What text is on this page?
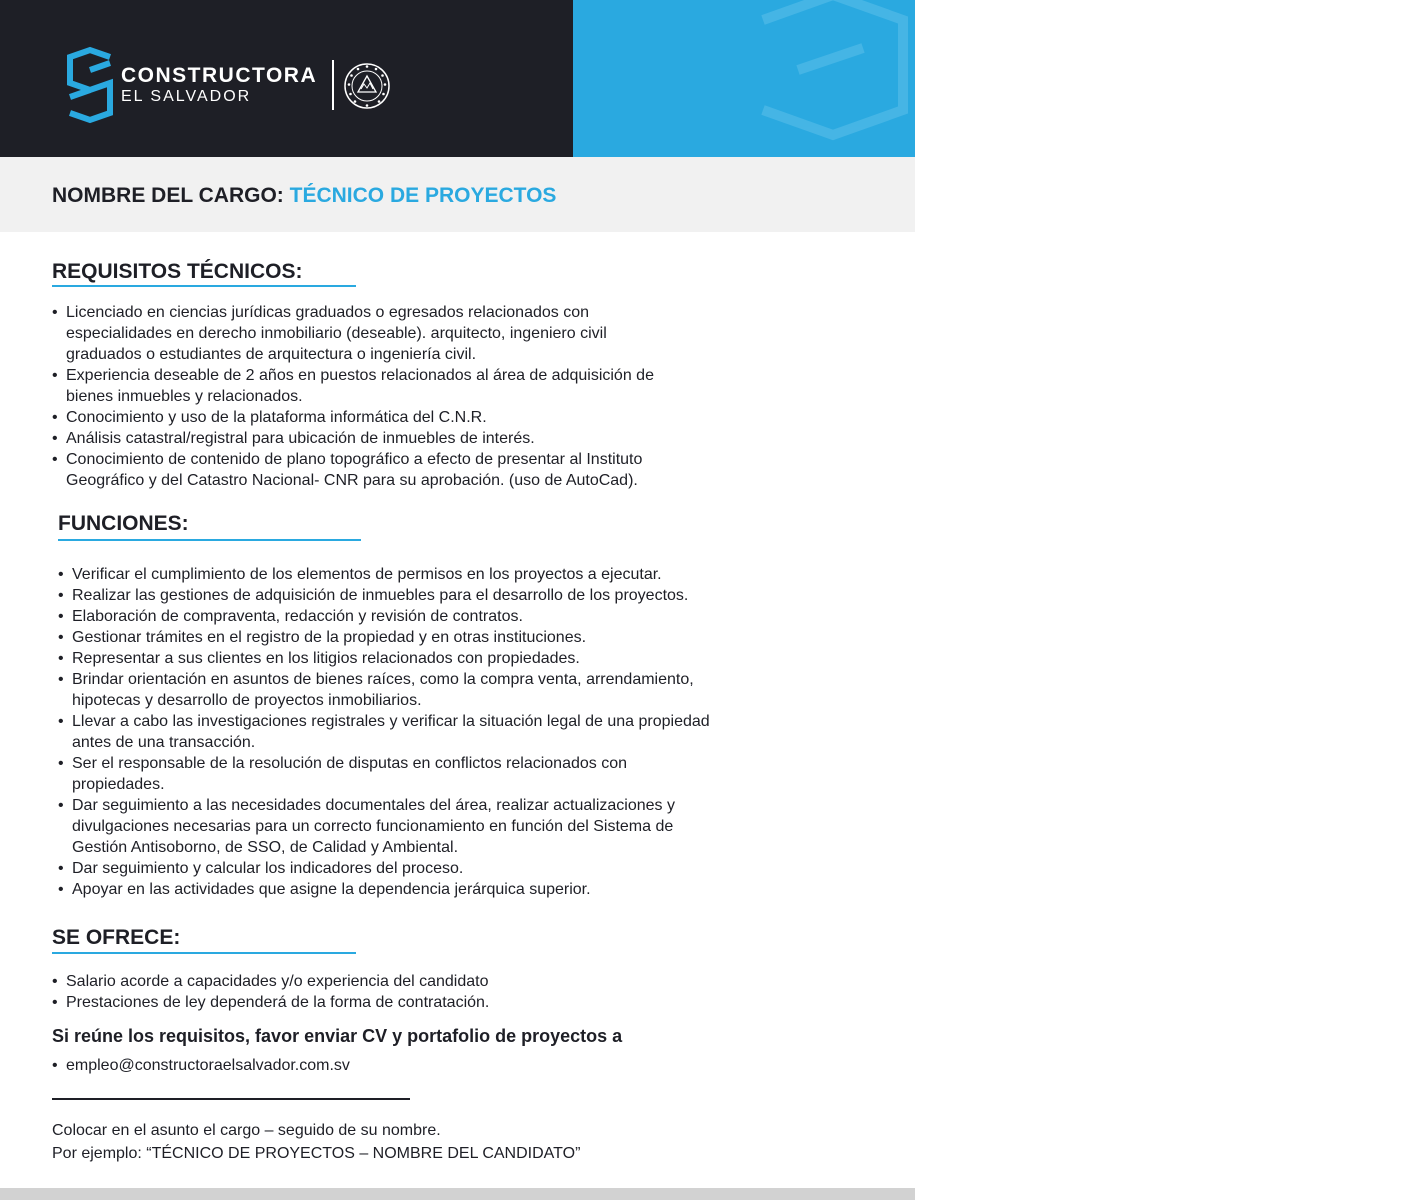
CONSTRUCTORA
EL SALVADOR
OPORTUNIDAD
LABORAL
NOMBRE DEL CARGO: TÉCNICO DE PROYECTOS
REQUISITOS TÉCNICOS:
• Licenciado en ciencias jurídicas graduados o egresados relacionados con
especialidades en derecho inmobiliario (deseable). arquitecto, ingeniero civil
graduados o estudiantes de arquitectura o ingeniería civil.
• Experiencia deseable de 2 años en puestos relacionados al área de adquisición de
bienes inmuebles y relacionados.
• Conocimiento y uso de la plataforma informática del C.N.R.
• Análisis catastral/registral para ubicación de inmuebles de interés.
• Conocimiento de contenido de plano topográfico a efecto de presentar al Instituto
Geográfico y del Catastro Nacional- CNR para su aprobación. (uso de AutoCad).
FUNCIONES:
• Verificar el cumplimiento de los elementos de permisos en los proyectos a ejecutar.
• Realizar las gestiones de adquisición de inmuebles para el desarrollo de los proyectos.
• Elaboración de compraventa, redacción y revisión de contratos.
• Gestionar trámites en el registro de la propiedad y en otras instituciones.
• Representar a sus clientes en los litigios relacionados con propiedades.
• Brindar orientación en asuntos de bienes raíces, como la compra venta, arrendamiento,
hipotecas y desarrollo de proyectos inmobiliarios.
• Llevar a cabo las investigaciones registrales y verificar la situación legal de una propiedad
antes de una transacción.
• Ser el responsable de la resolución de disputas en conflictos relacionados con
propiedades.
• Dar seguimiento a las necesidades documentales del área, realizar actualizaciones y
divulgaciones necesarias para un correcto funcionamiento en función del Sistema de
Gestión Antisoborno, de SSO, de Calidad y Ambiental.
• Dar seguimiento y calcular los indicadores del proceso.
• Apoyar en las actividades que asigne la dependencia jerárquica superior.
SE OFRECE:
• Salario acorde a capacidades y/o experiencia del candidato
• Prestaciones de ley dependerá de la forma de contratación.
Si reúne los requisitos, favor enviar CV y portafolio de proyectos a
• empleo@constructoraelsalvador.com.sv
Colocar en el asunto el cargo – seguido de su nombre.
Por ejemplo: “TÉCNICO DE PROYECTOS – NOMBRE DEL CANDIDATO”
